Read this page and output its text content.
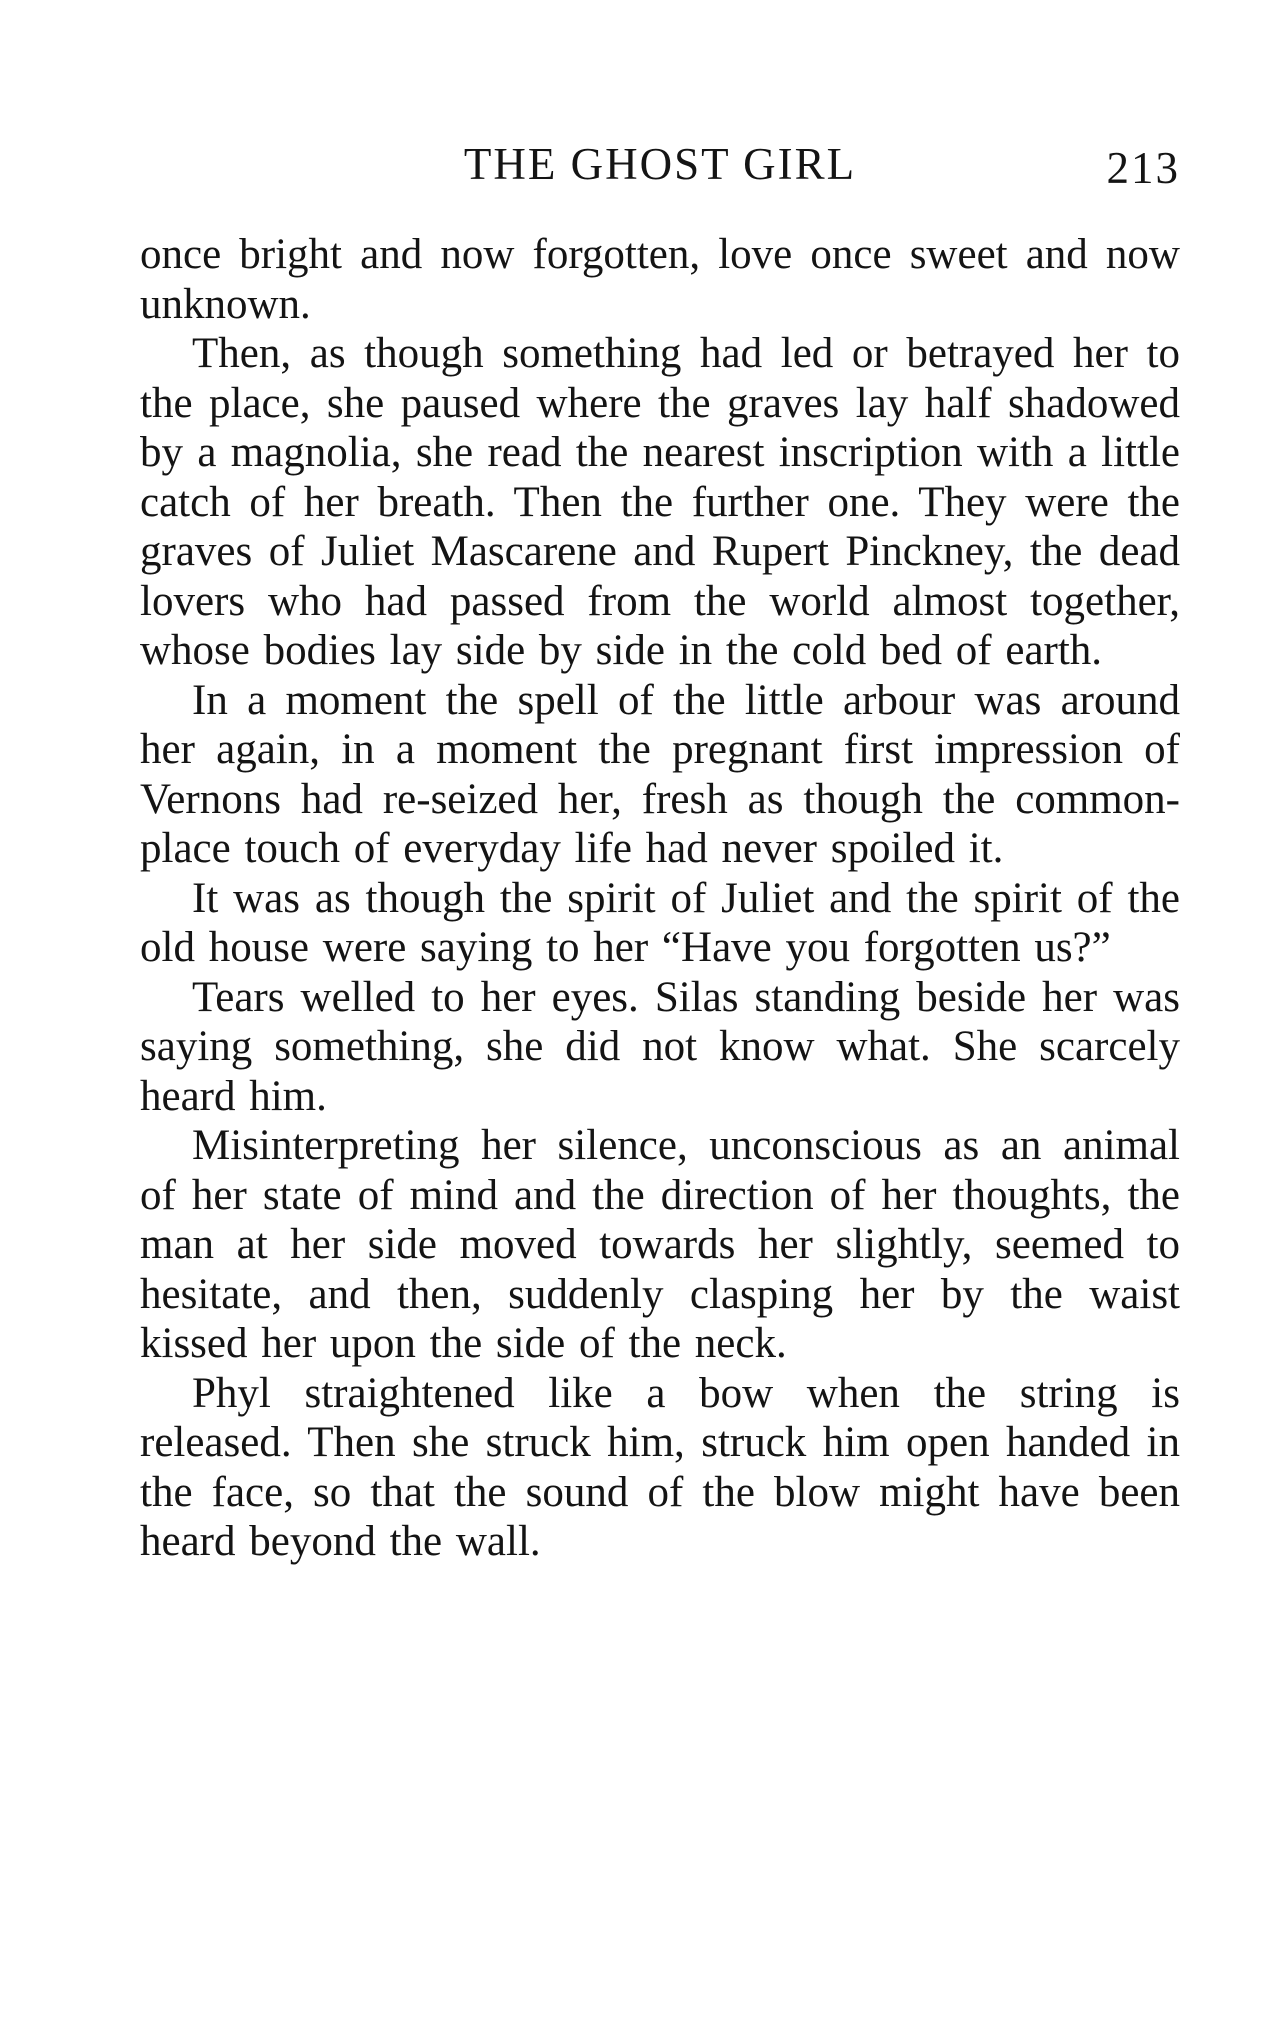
THE GHOST GIRL	213

once bright and now forgotten, love once sweet and now unknown.

Then, as though something had led or betrayed her to the place, she paused where the graves lay half shadowed by a magnolia, she read the nearest inscription with a little catch of her breath. Then the further one. They were the graves of Juliet Mascarene and Rupert Pinckney, the dead lovers who had passed from the world almost together, whose bodies lay side by side in the cold bed of earth.

In a moment the spell of the little arbour was around her again, in a moment the pregnant first impression of Vernons had re-seized her, fresh as though the common-place touch of everyday life had never spoiled it.

It was as though the spirit of Juliet and the spirit of the old house were saying to her “Have you forgotten us?”

Tears welled to her eyes. Silas standing beside her was saying something, she did not know what. She scarcely heard him.

Misinterpreting her silence, unconscious as an animal of her state of mind and the direction of her thoughts, the man at her side moved towards her slightly, seemed to hesitate, and then, suddenly clasping her by the waist kissed her upon the side of the neck.

Phyl straightened like a bow when the string is released. Then she struck him, struck him open handed in the face, so that the sound of the blow might have been heard beyond the wall.
